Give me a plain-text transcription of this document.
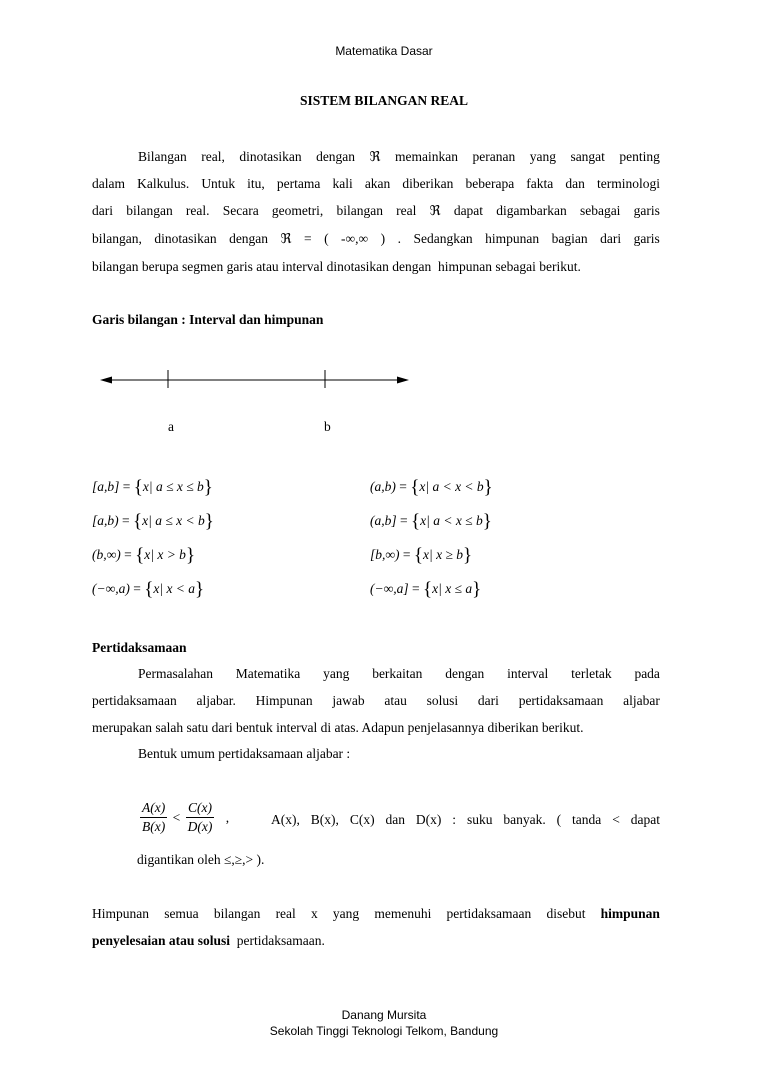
Matematika Dasar
SISTEM BILANGAN REAL
Bilangan real, dinotasikan dengan ℜ memainkan peranan yang sangat penting
dalam Kalkulus. Untuk itu, pertama kali akan diberikan beberapa fakta dan terminologi
dari bilangan real. Secara geometri, bilangan real ℜ dapat digambarkan sebagai garis
bilangan, dinotasikan dengan ℜ = ( -∞,∞ ) . Sedangkan himpunan bagian dari garis
bilangan berupa segmen garis atau interval dinotasikan dengan  himpunan sebagai berikut.
Garis bilangan : Interval dan himpunan
a	b
[a,b] = {x| a ≤ x ≤ b}
[a,b) = {x| a ≤ x < b}
(b,∞) = {x| x > b}
(−∞,a) = {x| x < a}
(a,b) = {x| a < x < b}
(a,b] = {x| a < x ≤ b}
[b,∞) = {x| x ≥ b}
(−∞,a] = {x| x ≤ a}
Pertidaksamaan
Permasalahan Matematika yang berkaitan dengan interval terletak pada
pertidaksamaan aljabar. Himpunan jawab atau solusi dari pertidaksamaan aljabar
merupakan salah satu dari bentuk interval di atas. Adapun penjelasannya diberikan berikut.
Bentuk umum pertidaksamaan aljabar :
$\frac{A(x)}{B(x)} < \frac{C(x)}{D(x)}$ ,	A(x), B(x), C(x) dan D(x) : suku banyak. ( tanda < dapat
digantikan oleh ≤,≥,> ).
Himpunan semua bilangan real x yang memenuhi pertidaksamaan disebut himpunan
penyelesaian atau solusi pertidaksamaan.
Danang Mursita
Sekolah Tinggi Teknologi Telkom, Bandung
